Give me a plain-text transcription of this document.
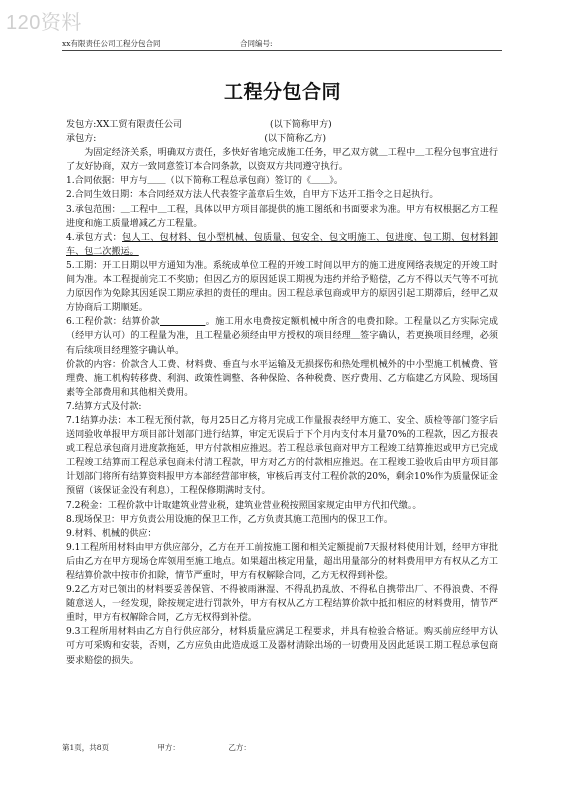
120资料
xx有限责任公司工程分包合同	合同编号:
工程分包合同

发包方:XX工贸有限责任公司	(以下简称甲方)

承包方:	(以下简称乙方)

为固定经济关系，明确双方责任，多快好省地完成施工任务，甲乙双方就＿工程中＿工程分包事宜进行了友好协商，双方一致同意签订本合同条款，以资双方共同遵守执行。

1.合同依据：甲方与＿＿（以下简称工程总承包商）签订的《＿＿》。

2.合同生效日期：本合同经双方法人代表签字盖章后生效，自甲方下达开工指令之日起执行。

3.承包范围：＿工程中＿工程，具体以甲方项目部提供的施工图纸和书面要求为准。甲方有权根据乙方工程进度和施工质量增减乙方工程量。

4.承包方式：包人工、包材料、包小型机械、包质量、包安全、包文明施工、包进度、包工期、包材料卸车、包二次搬运。

5.工期：开工日期以甲方通知为准。系统成单位工程的开竣工时间以甲方的施工进度网络表规定的开竣工时间为准。本工程提前完工不奖励；但因乙方的原因延误工期视为违约并给予赔偿，乙方不得以天气等不可抗力原因作为免除其因延误工期应承担的责任的理由。因工程总承包商或甲方的原因引起工期滞后，经甲乙双方协商后工期顺延。

6.工程价款：结算价款     	。施工用水电费按定额机械中所含的电费扣除。工程量以乙方实际完成（经甲方认可）的工程量为准，且工程量必须经由甲方授权的项目经理＿签字确认，若更换项目经理，必须有后续项目经理签字确认单。

价款的内容：价款含人工费、材料费、垂直与水平运输及无损探伤和热处理机械外的中小型施工机械费、管理费、施工机构转移费、利润、政策性调整、各种保险、各种税费、医疗费用、乙方临建乙方风险、现场国素等全部费用和其他相关费用。

7.结算方式及付款:

7.1结算办法：本工程无预付款，每月25日乙方将月完成工作量报表经甲方施工、安全、质检等部门签字后送同验收单报甲方项目部计划部门进行结算，审定无误后于下个月内支付本月量70%的工程款，因乙方报表或工程总承包商月进度款拖延，甲方付款相应推迟。若工程总承包商对甲方工程竣工结算推迟或甲方已完成工程竣工结算而工程总承包商未付清工程款，甲方对乙方的付款相应推迟。在工程竣工验收后由甲方项目部计划部门将所有结算资料报甲方本部经营部审核，审核后再支付工程价款的20%，剩余10%作为质量保证金预留（该保证金没有利息），工程保修期满时支付。

7.2税金：工程价款中计取建筑业营业税，建筑业营业税按照国家规定由甲方代扣代缴。。

8.现场保卫：甲方负责公用设施的保卫工作，乙方负责其施工范围内的保卫工作。

9.材料、机械的供应：

9.1工程所用材料由甲方供应部分，乙方在开工前按施工图和相关定额提前7天报材料使用计划，经甲方审批后由乙方在甲方现场仓库领用至施工地点。如果超出核定用量，超出用量部分的材料费用甲方有权从乙方工程结算价款中按市价扣除，情节严重时，甲方有权解除合同，乙方无权得到补偿。

9.2乙方对已领出的材料要妥善保管、不得被雨淋湿、不得乱扔乱放、不得私自携带出厂、不得浪费、不得随意送人，一经发现，除按规定进行罚款外，甲方有权从乙方工程结算价款中抵扣相应的材料费用，情节严重时，甲方有权解除合同，乙方无权得到补偿。

9.3工程所用材料由乙方自行供应部分，材料质量应满足工程要求，并具有检验合格证。购买前应经甲方认可方可采购和安装，否则，乙方应负由此造成返工及器材清除出场的一切费用及因此延误工期工程总承包商要求赔偿的损失。

第1页，共8页	甲方：	乙方：
